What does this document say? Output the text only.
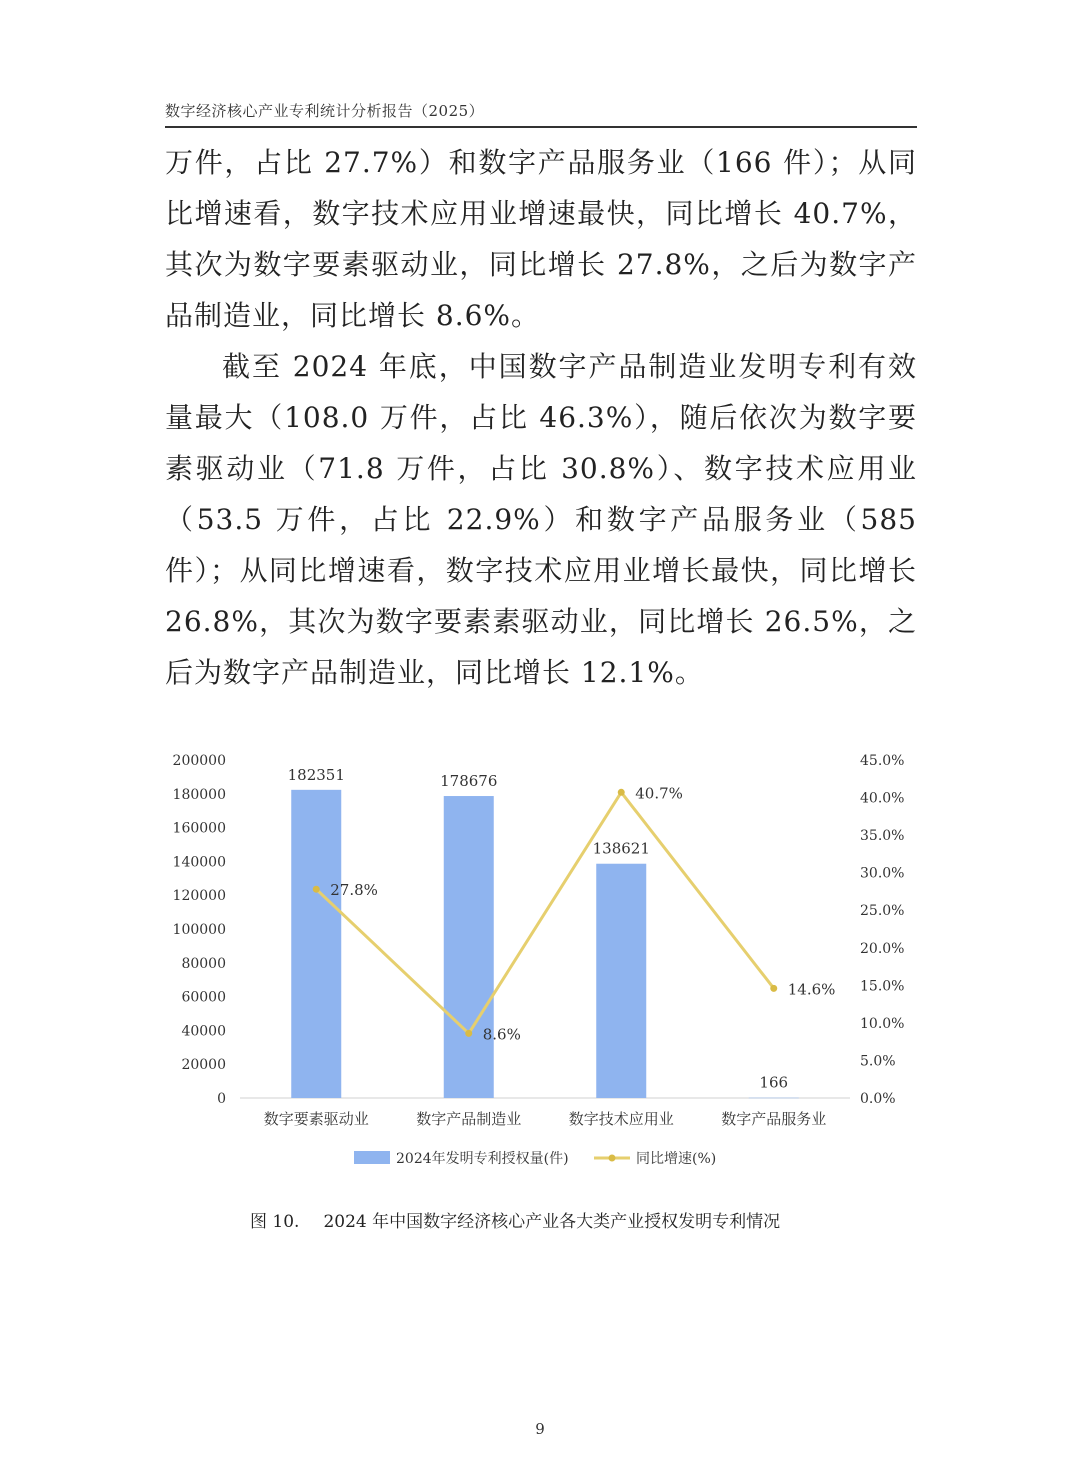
数字经济核心产业专利统计分析报告（2025）

万件，占比 27.7%）和数字产品服务业（166 件）；从同比增速看，数字技术应用业增速最快，同比增长 40.7%，其次为数字要素驱动业，同比增长 27.8%，之后为数字产品制造业，同比增长 8.6%。

截至 2024 年底，中国数字产品制造业发明专利有效量最大（108.0 万件，占比 46.3%），随后依次为数字要素驱动业（71.8 万件，占比 30.8%）、数字技术应用业（53.5 万件，占比 22.9%）和数字产品服务业（585 件）；从同比增速看，数字技术应用业增长最快，同比增长 26.8%，其次为数字要素素驱动业，同比增长 26.5%，之后为数字产品制造业，同比增长 12.1%。

0
20000
40000
60000
80000
100000
120000
140000
160000
180000
200000
0.0%
5.0%
10.0%
15.0%
20.0%
25.0%
30.0%
35.0%
40.0%
45.0%
182351	178676
138621
166
27.8%
8.6%
40.7%
14.6%
数字要素驱动业	数字产品制造业	数字技术应用业	数字产品服务业
2024年发明专利授权量(件)	同比增速(%)
图 10. 2024 年中国数字经济核心产业各大类产业授权发明专利情况
9
